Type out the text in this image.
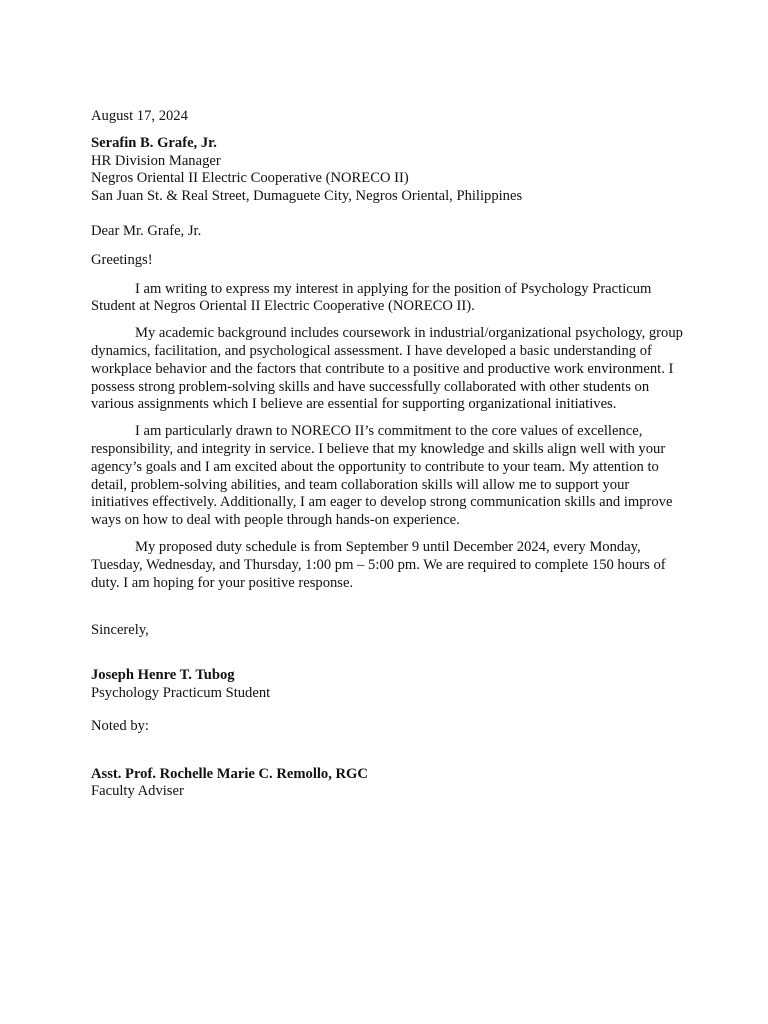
August 17, 2024

Serafin B. Grafe, Jr.

HR Division Manager

Negros Oriental II Electric Cooperative (NORECO II)

San Juan St. & Real Street, Dumaguete City, Negros Oriental, Philippines

Dear Mr. Grafe, Jr.

Greetings!

I am writing to express my interest in applying for the position of Psychology Practicum Student at Negros Oriental II Electric Cooperative (NORECO II).

My academic background includes coursework in industrial/organizational psychology, group dynamics, facilitation, and psychological assessment. I have developed a basic understanding of workplace behavior and the factors that contribute to a positive and productive work environment. I possess strong problem-solving skills and have successfully collaborated with other students on various assignments which I believe are essential for supporting organizational initiatives.

I am particularly drawn to NORECO II’s commitment to the core values of excellence, responsibility, and integrity in service. I believe that my knowledge and skills align well with your agency’s goals and I am excited about the opportunity to contribute to your team. My attention to detail, problem-solving abilities, and team collaboration skills will allow me to support your initiatives effectively. Additionally, I am eager to develop strong communication skills and improve ways on how to deal with people through hands-on experience.

My proposed duty schedule is from September 9 until December 2024, every Monday, Tuesday, Wednesday, and Thursday, 1:00 pm – 5:00 pm. We are required to complete 150 hours of duty. I am hoping for your positive response.

Sincerely,

Joseph Henre T. Tubog

Psychology Practicum Student

Noted by:

Asst. Prof. Rochelle Marie C. Remollo, RGC

Faculty Adviser
